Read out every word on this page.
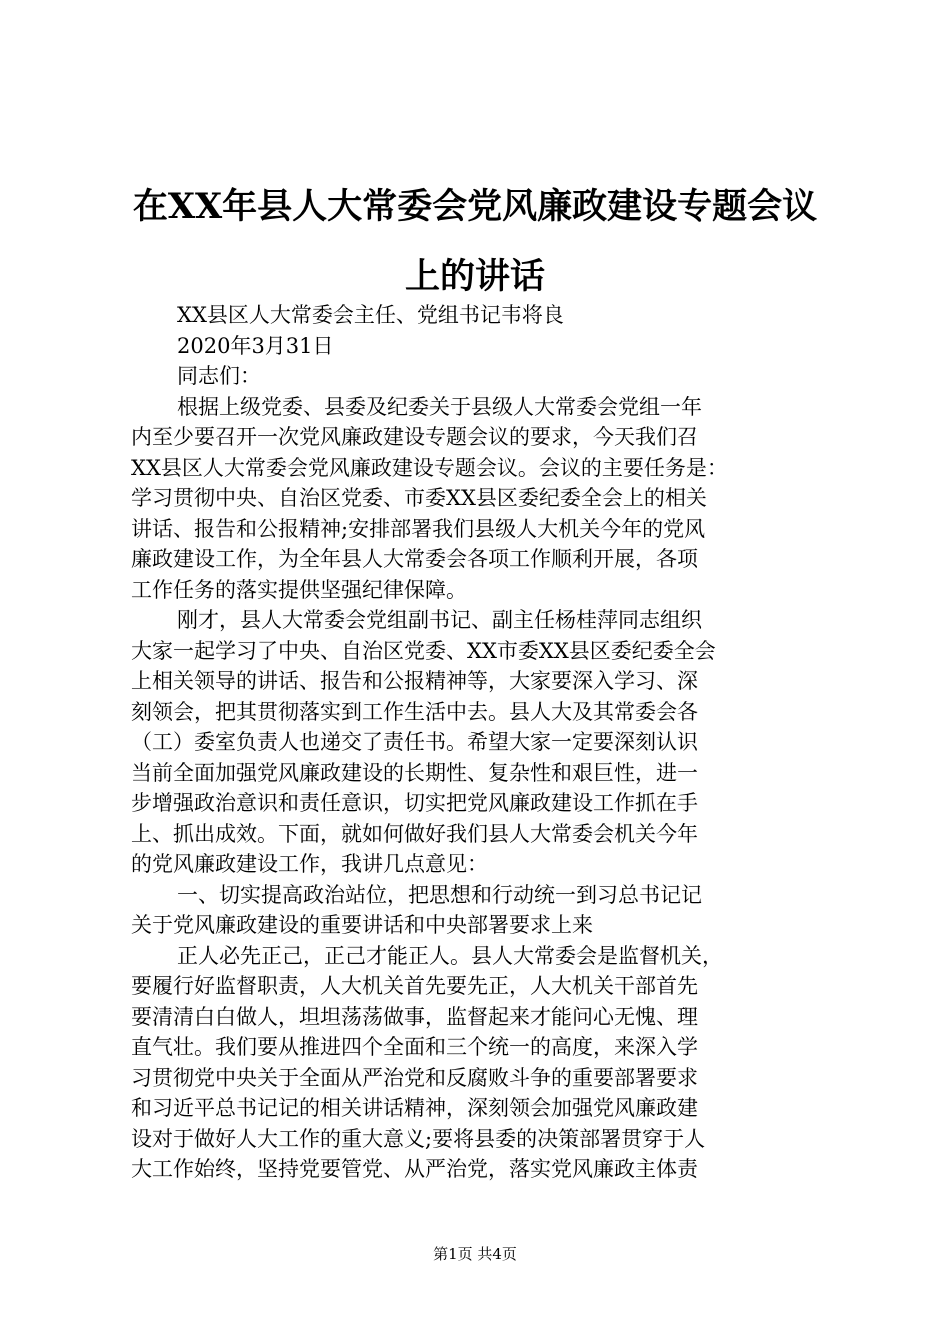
在XX年县人大常委会党风廉政建设专题会议
上的讲话
XX县区人大常委会主任、党组书记韦将良
2020年3月31日
同志们：
根据上级党委、县委及纪委关于县级人大常委会党组一年
内至少要召开一次党风廉政建设专题会议的要求，今天我们召
XX县区人大常委会党风廉政建设专题会议。会议的主要任务是：
学习贯彻中央、自治区党委、市委XX县区委纪委全会上的相关
讲话、报告和公报精神;安排部署我们县级人大机关今年的党风
廉政建设工作，为全年县人大常委会各项工作顺利开展，各项
工作任务的落实提供坚强纪律保障。
刚才，县人大常委会党组副书记、副主任杨桂萍同志组织
大家一起学习了中央、自治区党委、XX市委XX县区委纪委全会
上相关领导的讲话、报告和公报精神等，大家要深入学习、深
刻领会，把其贯彻落实到工作生活中去。县人大及其常委会各
（工）委室负责人也递交了责任书。希望大家一定要深刻认识
当前全面加强党风廉政建设的长期性、复杂性和艰巨性，进一
步增强政治意识和责任意识，切实把党风廉政建设工作抓在手
上、抓出成效。下面，就如何做好我们县人大常委会机关今年
的党风廉政建设工作，我讲几点意见：
一、切实提高政治站位，把思想和行动统一到习总书记记
关于党风廉政建设的重要讲话和中央部署要求上来
正人必先正己，正己才能正人。县人大常委会是监督机关，
要履行好监督职责，人大机关首先要先正，人大机关干部首先
要清清白白做人，坦坦荡荡做事，监督起来才能问心无愧、理
直气壮。我们要从推进四个全面和三个统一的高度，来深入学
习贯彻党中央关于全面从严治党和反腐败斗争的重要部署要求
和习近平总书记记的相关讲话精神，深刻领会加强党风廉政建
设对于做好人大工作的重大意义;要将县委的决策部署贯穿于人
大工作始终，坚持党要管党、从严治党，落实党风廉政主体责
第1页 共4页
